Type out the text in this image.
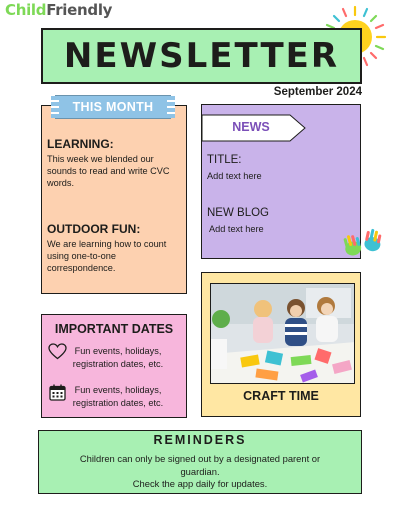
ChildFriendly
NEWSLETTER
September 2024
THIS MONTH
LEARNING:
This week we blended our sounds to read and write CVC words.
OUTDOOR FUN:
We are learning how to count using one-to-one correspondence.
NEWS
TITLE:
Add text here
NEW BLOG
Add text here
CRAFT TIME
IMPORTANT DATES
Fun events, holidays, registration dates, etc.
Fun events, holidays, registration dates, etc.
REMINDERS
Children can only be signed out by a designated parent or guardian.
Check the app daily for updates.
